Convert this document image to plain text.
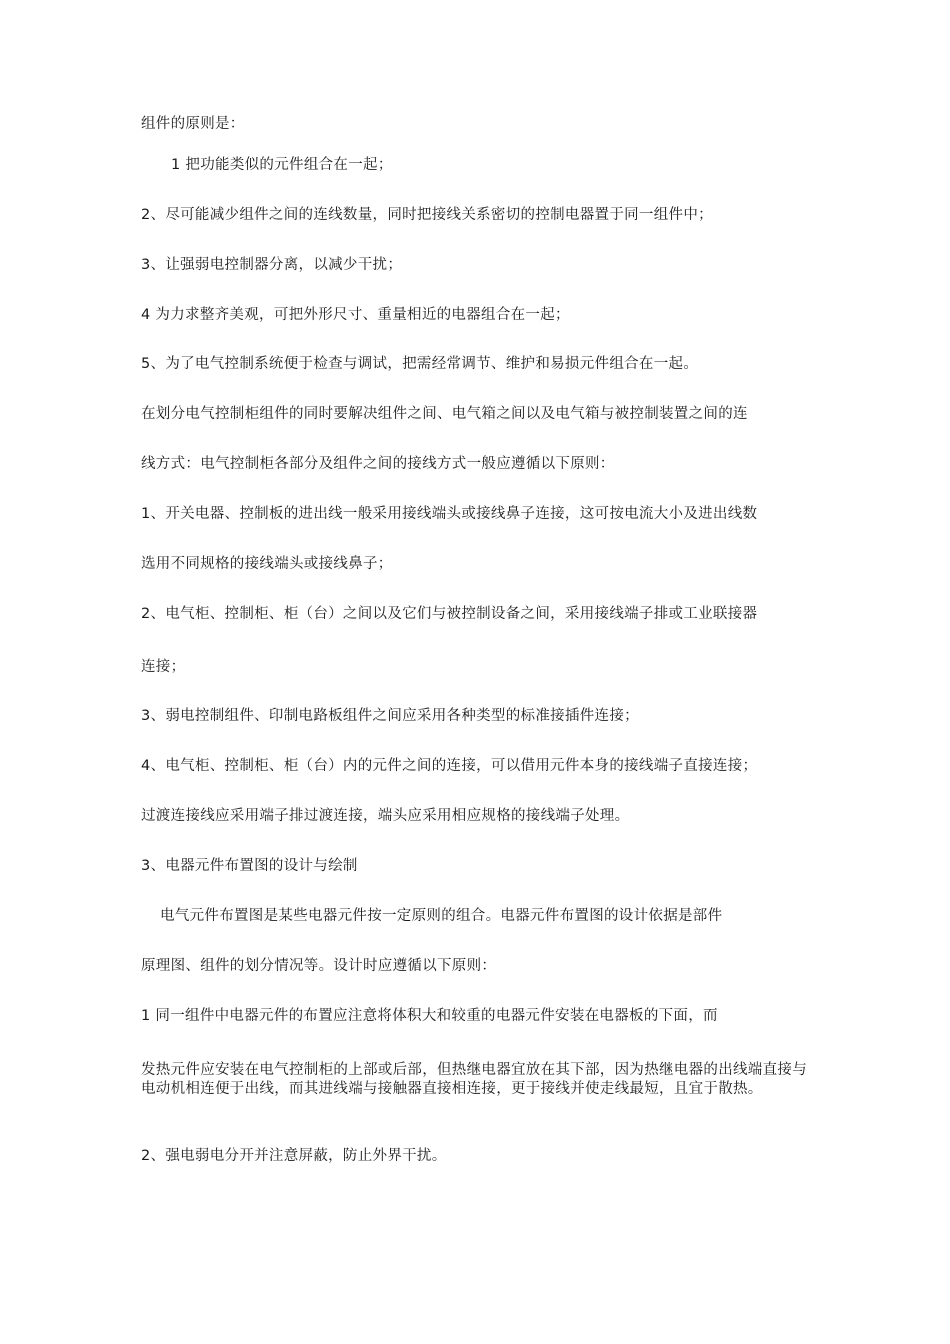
组件的原则是：
1 把功能类似的元件组合在一起；
2、尽可能减少组件之间的连线数量，同时把接线关系密切的控制电器置于同一组件中；
3、让强弱电控制器分离，以减少干扰；
4 为力求整齐美观，可把外形尺寸、重量相近的电器组合在一起；
5、为了电气控制系统便于检查与调试，把需经常调节、维护和易损元件组合在一起。
在划分电气控制柜组件的同时要解决组件之间、电气箱之间以及电气箱与被控制装置之间的连
线方式：电气控制柜各部分及组件之间的接线方式一般应遵循以下原则：
1、开关电器、控制板的进出线一般采用接线端头或接线鼻子连接，这可按电流大小及进出线数
选用不同规格的接线端头或接线鼻子；
2、电气柜、控制柜、柜（台）之间以及它们与被控制设备之间，采用接线端子排或工业联接器
连接；
3、弱电控制组件、印制电路板组件之间应采用各种类型的标准接插件连接；
4、电气柜、控制柜、柜（台）内的元件之间的连接，可以借用元件本身的接线端子直接连接；
过渡连接线应采用端子排过渡连接，端头应采用相应规格的接线端子处理。
3、电器元件布置图的设计与绘制
电气元件布置图是某些电器元件按一定原则的组合。电器元件布置图的设计依据是部件
原理图、组件的划分情况等。设计时应遵循以下原则：
1 同一组件中电器元件的布置应注意将体积大和较重的电器元件安装在电器板的下面，而
发热元件应安装在电气控制柜的上部或后部，但热继电器宜放在其下部，因为热继电器的出线端直接与电动机相连便于出线，而其进线端与接触器直接相连接，更于接线并使走线最短，且宜于散热。
2、强电弱电分开并注意屏蔽，防止外界干扰。
